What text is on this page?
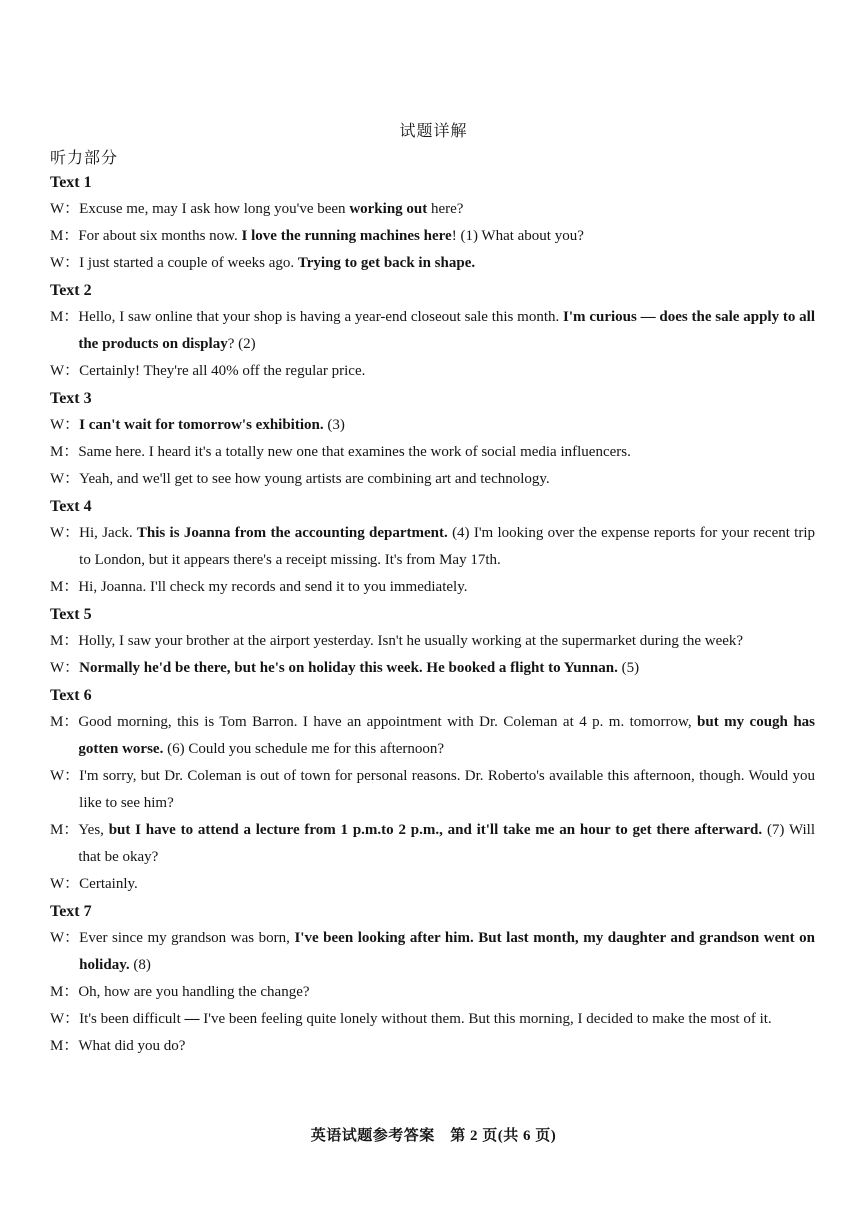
试题详解
听力部分
Text 1
W： Excuse me, may I ask how long you've been working out here?
M： For about six months now. I love the running machines here! (1) What about you?
W： I just started a couple of weeks ago. Trying to get back in shape.
Text 2
M： Hello, I saw online that your shop is having a year-end closeout sale this month. I'm curious — does the sale apply to all the products on display? (2)
W： Certainly! They're all 40% off the regular price.
Text 3
W： I can't wait for tomorrow's exhibition. (3)
M： Same here. I heard it's a totally new one that examines the work of social media influencers.
W： Yeah, and we'll get to see how young artists are combining art and technology.
Text 4
W： Hi, Jack. This is Joanna from the accounting department. (4) I'm looking over the expense reports for your recent trip to London, but it appears there's a receipt missing. It's from May 17th.
M： Hi, Joanna. I'll check my records and send it to you immediately.
Text 5
M： Holly, I saw your brother at the airport yesterday. Isn't he usually working at the supermarket during the week?
W： Normally he'd be there, but he's on holiday this week. He booked a flight to Yunnan. (5)
Text 6
M： Good morning, this is Tom Barron. I have an appointment with Dr. Coleman at 4 p. m. tomorrow, but my cough has gotten worse. (6) Could you schedule me for this afternoon?
W： I'm sorry, but Dr. Coleman is out of town for personal reasons. Dr. Roberto's available this afternoon, though. Would you like to see him?
M： Yes, but I have to attend a lecture from 1 p.m.to 2 p.m., and it'll take me an hour to get there afterward. (7) Will that be okay?
W： Certainly.
Text 7
W： Ever since my grandson was born, I've been looking after him. But last month, my daughter and grandson went on holiday. (8)
M： Oh, how are you handling the change?
W： It's been difficult — I've been feeling quite lonely without them. But this morning, I decided to make the most of it.
M： What did you do?
英语试题参考答案　第 2 页(共 6 页)
